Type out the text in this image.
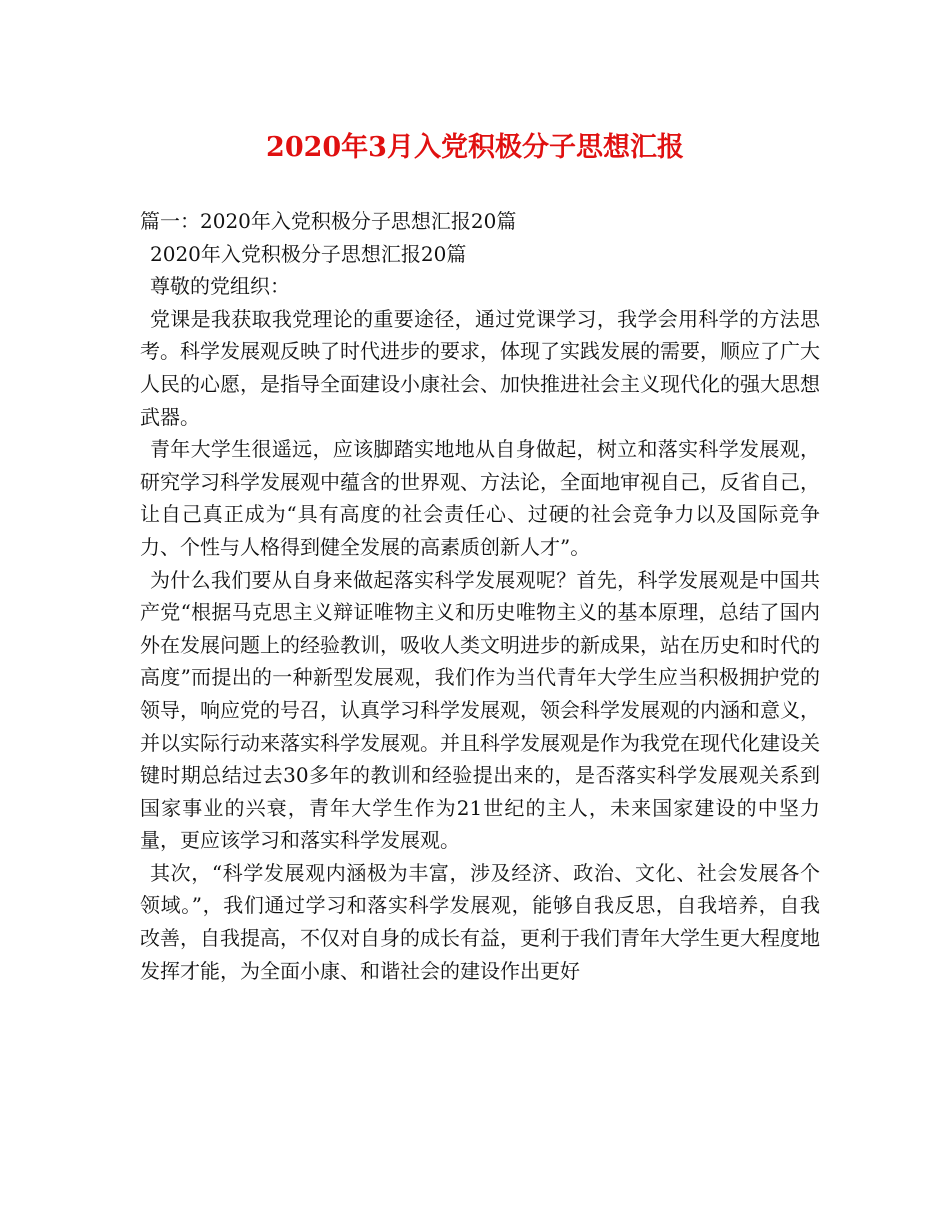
2020年3月入党积极分子思想汇报

篇一：2020年入党积极分子思想汇报20篇

2020年入党积极分子思想汇报20篇

尊敬的党组织：

党课是我获取我党理论的重要途径，通过党课学习，我学会用科学的方法思考。科学发展观反映了时代进步的要求，体现了实践发展的需要，顺应了广大人民的心愿，是指导全面建设小康社会、加快推进社会主义现代化的强大思想武器。

青年大学生很遥远，应该脚踏实地地从自身做起，树立和落实科学发展观，研究学习科学发展观中蕴含的世界观、方法论，全面地审视自己，反省自己，让自己真正成为“具有高度的社会责任心、过硬的社会竞争力以及国际竞争力、个性与人格得到健全发展的高素质创新人才”。

为什么我们要从自身来做起落实科学发展观呢？首先，科学发展观是中国共产党“根据马克思主义辩证唯物主义和历史唯物主义的基本原理，总结了国内外在发展问题上的经验教训，吸收人类文明进步的新成果，站在历史和时代的高度”而提出的一种新型发展观，我们作为当代青年大学生应当积极拥护党的领导，响应党的号召，认真学习科学发展观，领会科学发展观的内涵和意义，并以实际行动来落实科学发展观。并且科学发展观是作为我党在现代化建设关键时期总结过去30多年的教训和经验提出来的，是否落实科学发展观关系到国家事业的兴衰，青年大学生作为21世纪的主人，未来国家建设的中坚力量，更应该学习和落实科学发展观。

其次，“科学发展观内涵极为丰富，涉及经济、政治、文化、社会发展各个领域。”，我们通过学习和落实科学发展观，能够自我反思，自我培养，自我改善，自我提高，不仅对自身的成长有益，更利于我们青年大学生更大程度地发挥才能，为全面小康、和谐社会的建设作出更好
